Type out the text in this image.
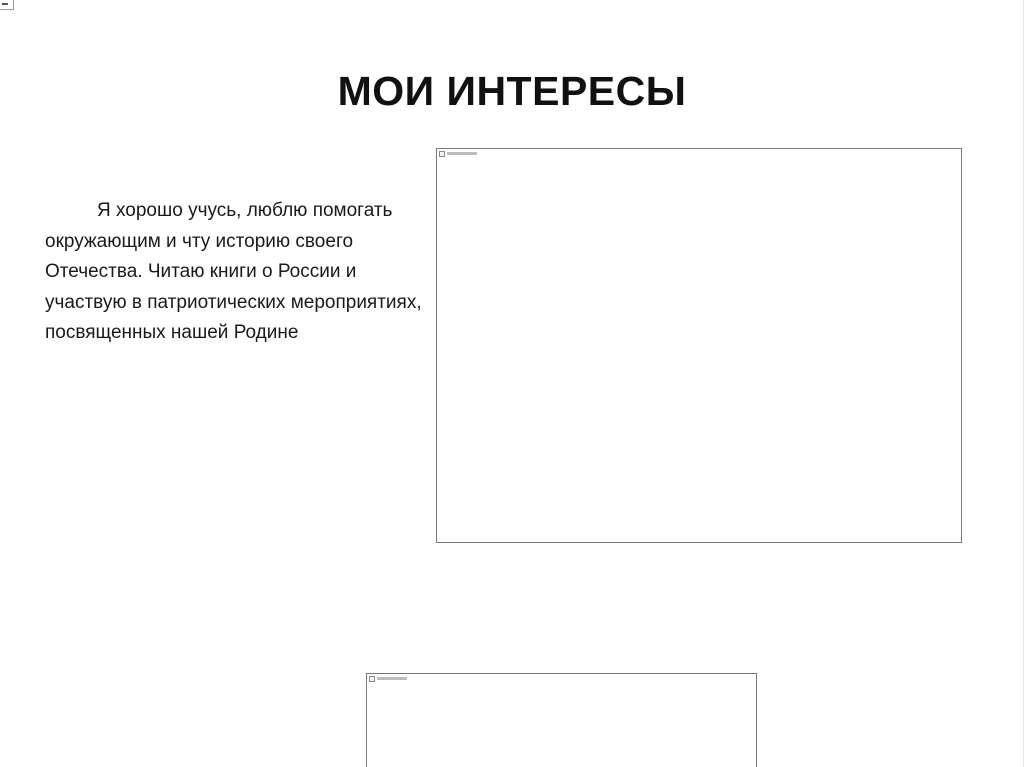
МОИ ИНТЕРЕСЫ

Я хорошо учусь, люблю помогать окружающим и чту историю своего Отечества. Читаю книги о России и участвую в патриотических мероприятиях, посвященных нашей Родине
